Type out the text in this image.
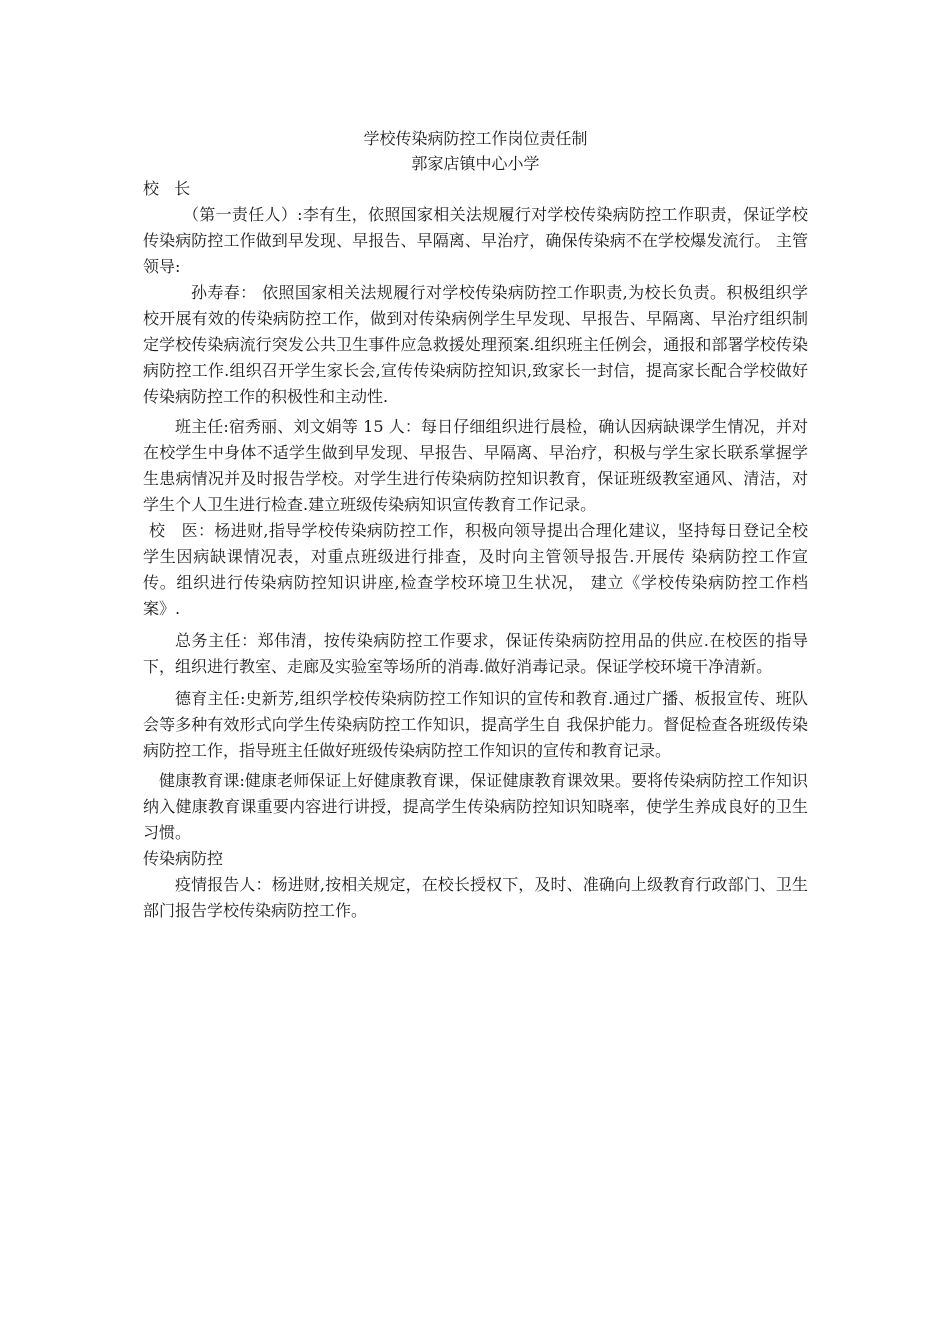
学校传染病防控工作岗位责任制

郭家店镇中心小学

校   长

（第一责任人）:李有生，依照国家相关法规履行对学校传染病防控工作职责，保证学校传染病防控工作做到早发现、早报告、早隔离、早治疗，确保传染病不在学校爆发流行。 主管领导:

孙寿春： 依照国家相关法规履行对学校传染病防控工作职责,为校长负责。积极组织学校开展有效的传染病防控工作，做到对传染病例学生早发现、早报告、早隔离、早治疗组织制定学校传染病流行突发公共卫生事件应急救援处理预案.组织班主任例会，通报和部署学校传染病防控工作.组织召开学生家长会,宣传传染病防控知识,致家长一封信，提高家长配合学校做好传染病防控工作的积极性和主动性.

班主任:宿秀丽、刘文娟等 15 人：每日仔细组织进行晨检，确认因病缺课学生情况，并对在校学生中身体不适学生做到早发现、早报告、早隔离、早治疗，积极与学生家长联系掌握学生患病情况并及时报告学校。对学生进行传染病防控知识教育，保证班级教室通风、清洁，对学生个人卫生进行检查.建立班级传染病知识宣传教育工作记录。

校   医：杨进财,指导学校传染病防控工作，积极向领导提出合理化建议，坚持每日登记全校 学生因病缺课情况表，对重点班级进行排查，及时向主管领导报告.开展传 染病防控工作宣传。组织进行传染病防控知识讲座,检查学校环境卫生状况， 建立《学校传染病防控工作档案》.

总务主任：郑伟清，按传染病防控工作要求，保证传染病防控用品的供应.在校医的指导下，组织进行教室、走廊及实验室等场所的消毒.做好消毒记录。保证学校环境干净清新。

德育主任:史新芳,组织学校传染病防控工作知识的宣传和教育.通过广播、板报宣传、班队会等多种有效形式向学生传染病防控工作知识，提高学生自 我保护能力。督促检查各班级传染病防控工作，指导班主任做好班级传染病防控工作知识的宣传和教育记录。

健康教育课:健康老师保证上好健康教育课，保证健康教育课效果。要将传染病防控工作知识纳入健康教育课重要内容进行讲授，提高学生传染病防控知识知晓率，使学生养成良好的卫生习惯。

传染病防控

疫情报告人：杨进财,按相关规定，在校长授权下，及时、准确向上级教育行政部门、卫生部门报告学校传染病防控工作。
